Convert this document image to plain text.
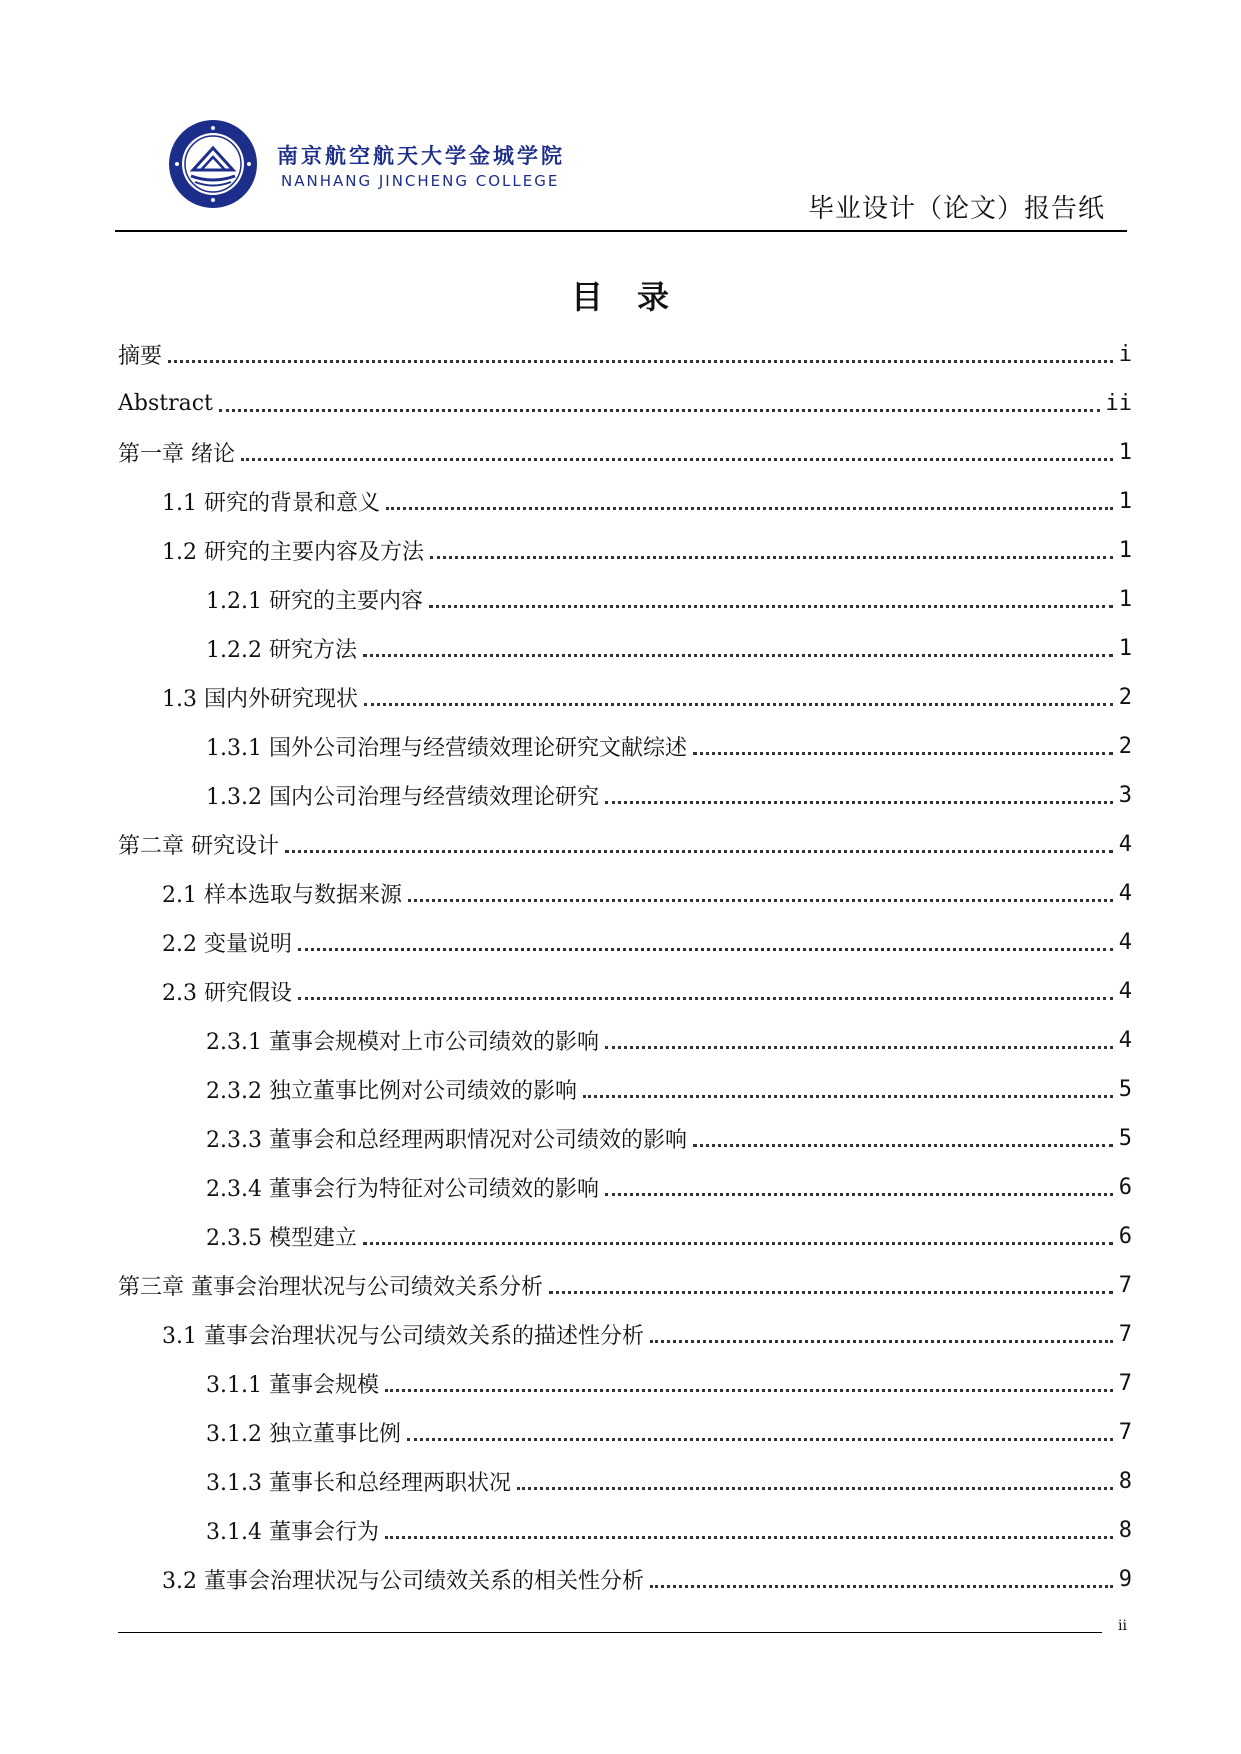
南京航空航天大学金城学院
NANHANG JINCHENG COLLEGE
毕业设计（论文）报告纸
目　录
摘要	i
Abstract	ii
第一章 绪论	1
1.1 研究的背景和意义	1
1.2 研究的主要内容及方法	1
1.2.1 研究的主要内容	1
1.2.2 研究方法	1
1.3 国内外研究现状	2
1.3.1 国外公司治理与经营绩效理论研究文献综述	2
1.3.2 国内公司治理与经营绩效理论研究	3
第二章 研究设计	4
2.1 样本选取与数据来源	4
2.2 变量说明	4
2.3 研究假设	4
2.3.1 董事会规模对上市公司绩效的影响	4
2.3.2 独立董事比例对公司绩效的影响	5
2.3.3 董事会和总经理两职情况对公司绩效的影响	5
2.3.4 董事会行为特征对公司绩效的影响	6
2.3.5 模型建立	6
第三章 董事会治理状况与公司绩效关系分析	7
3.1 董事会治理状况与公司绩效关系的描述性分析	7
3.1.1 董事会规模	7
3.1.2 独立董事比例	7
3.1.3 董事长和总经理两职状况	8
3.1.4 董事会行为	8
3.2 董事会治理状况与公司绩效关系的相关性分析	9
ii
